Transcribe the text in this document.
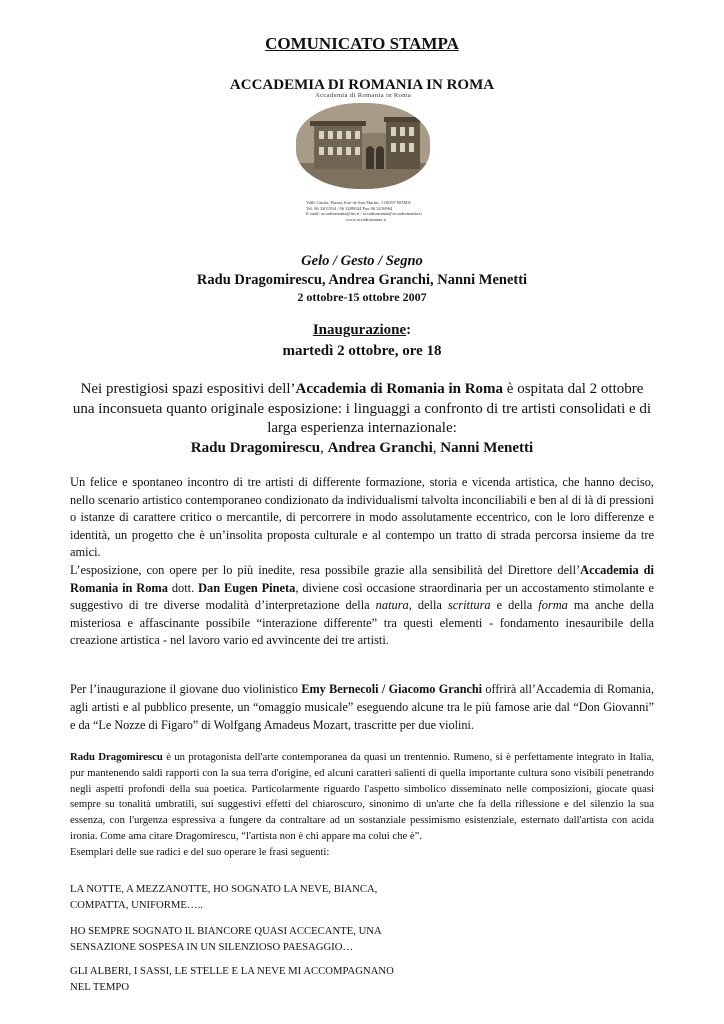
COMUNICATO STAMPA
ACCADEMIA DI ROMANIA IN ROMA
Accademia di Romania in Roma
Valle Giulia, Piazza José de San Martin, 1 00197 ROMA
Tel. 06 3201594 / 06 3208024 Fax 06 3216964
E-mail: accadromania@tin.it / accadromania@accadromania.it
www.accadromania.it
Gelo / Gesto / Segno
Radu Dragomirescu, Andrea Granchi, Nanni Menetti
2 ottobre-15 ottobre 2007
Inaugurazione:
martedì 2 ottobre, ore 18
Nei prestigiosi spazi espositivi dell’Accademia di Romania in Roma è ospitata dal 2 ottobre una inconsueta quanto originale esposizione: i linguaggi a confronto di tre artisti consolidati e di larga esperienza internazionale:
Radu Dragomirescu, Andrea Granchi, Nanni Menetti
Un felice e spontaneo incontro di tre artisti di differente formazione, storia e vicenda artistica, che hanno deciso, nello scenario artistico contemporaneo condizionato da individualismi talvolta inconciliabili e ben al di là di pressioni o istanze di carattere critico o mercantile, di percorrere in modo assolutamente eccentrico, con le loro differenze e identità, un progetto che è un’insolita proposta culturale e al contempo un tratto di strada percorsa insieme da tre amici.
L’esposizione, con opere per lo più inedite, resa possibile grazie alla sensibilità del Direttore dell’Accademia di Romania in Roma dott. Dan Eugen Pineta, diviene così occasione straordinaria per un accostamento stimolante e suggestivo di tre diverse modalità d’interpretazione della natura, della scrittura e della forma ma anche della misteriosa e affascinante possibile “interazione differente” tra questi elementi - fondamento inesauribile della creazione artistica - nel lavoro vario ed avvincente dei tre artisti.
Per l’inaugurazione il giovane duo violinistico Emy Bernecoli / Giacomo Granchi offrirà all’Accademia di Romania, agli artisti e al pubblico presente, un “omaggio musicale” eseguendo alcune tra le più famose arie dal “Don Giovanni” e da “Le Nozze di Figaro” di Wolfgang Amadeus Mozart, trascritte per due violini.
Radu Dragomirescu è un protagonista dell'arte contemporanea da quasi un trentennio. Rumeno, si è perfettamente integrato in Italia, pur mantenendo saldi rapporti con la sua terra d'origine, ed alcuni caratteri salienti di quella importante cultura sono visibili penetrando negli aspetti profondi della sua poetica. Particolarmente riguardo l'aspetto simbolico disseminato nelle composizioni, giocate quasi sempre su tonalità umbratili, sui suggestivi effetti del chiaroscuro, sinonimo di un'arte che fa della riflessione e del silenzio la sua essenza, con l'urgenza espressiva a fungere da contraltare ad un sostanziale pessimismo esistenziale, esternato dall'artista con acida ironia. Come ama citare Dragomirescu, “l'artista non è chi appare ma colui che è”.
Esemplari delle sue radici e del suo operare le frasi seguenti:
LA NOTTE, A MEZZANOTTE, HO SOGNATO LA NEVE, BIANCA,
COMPATTA, UNIFORME…..
HO SEMPRE SOGNATO IL BIANCORE QUASI ACCECANTE, UNA
SENSAZIONE SOSPESA IN UN SILENZIOSO PAESAGGIO…
GLI ALBERI, I SASSI, LE STELLE E LA NEVE MI ACCOMPAGNANO
NEL TEMPO
